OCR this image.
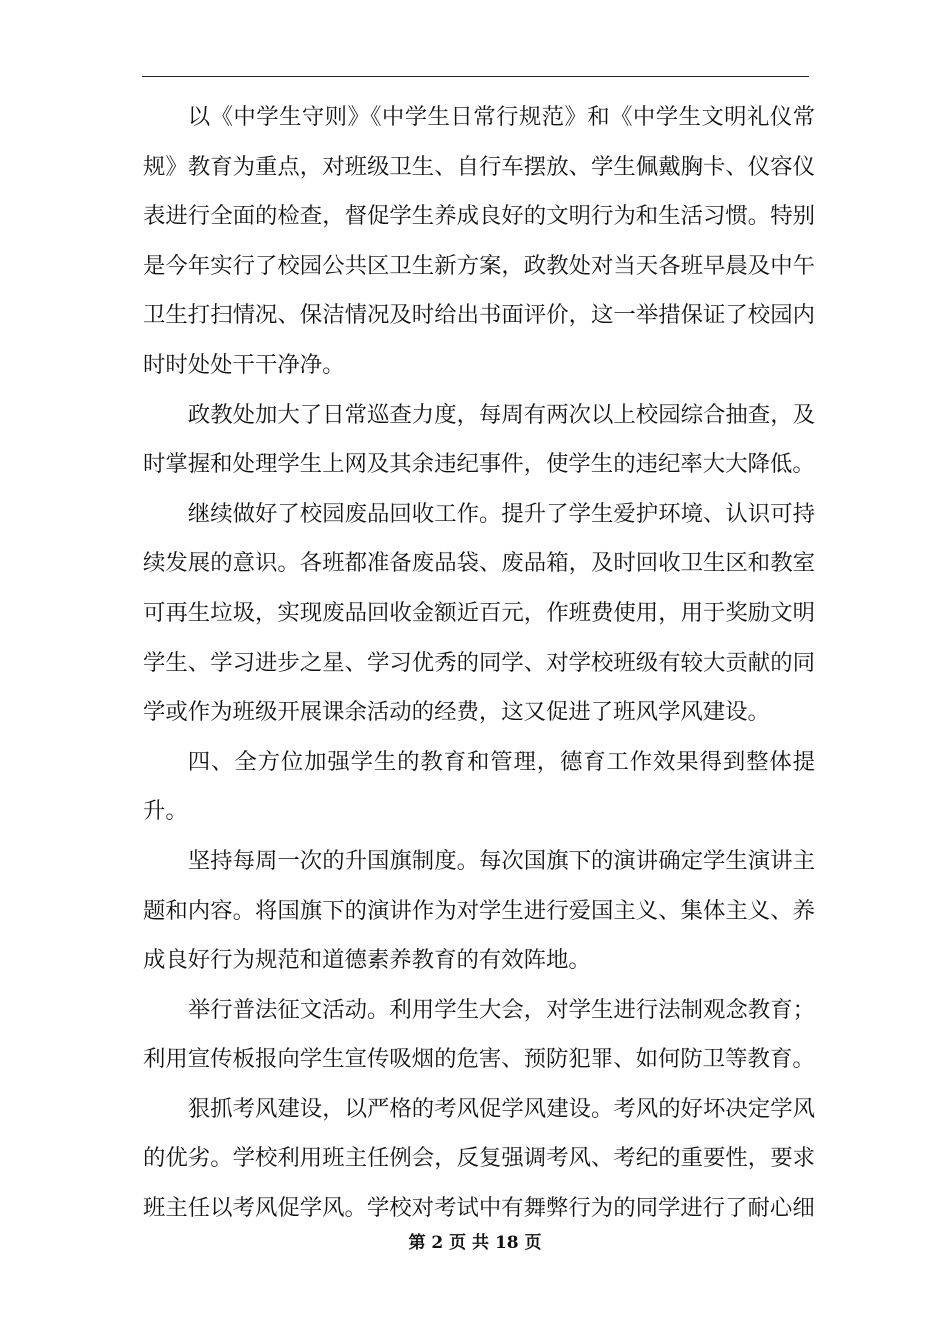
以《中学生守则》《中学生日常行规范》和《中学生文明礼仪常规》教育为重点，对班级卫生、自行车摆放、学生佩戴胸卡、仪容仪表进行全面的检查，督促学生养成良好的文明行为和生活习惯。特别是今年实行了校园公共区卫生新方案，政教处对当天各班早晨及中午卫生打扫情况、保洁情况及时给出书面评价，这一举措保证了校园内时时处处干干净净。

政教处加大了日常巡查力度，每周有两次以上校园综合抽查，及时掌握和处理学生上网及其余违纪事件，使学生的违纪率大大降低。

继续做好了校园废品回收工作。提升了学生爱护环境、认识可持续发展的意识。各班都准备废品袋、废品箱，及时回收卫生区和教室可再生垃圾，实现废品回收金额近百元，作班费使用，用于奖励文明学生、学习进步之星、学习优秀的同学、对学校班级有较大贡献的同学或作为班级开展课余活动的经费，这又促进了班风学风建设。

四、全方位加强学生的教育和管理，德育工作效果得到整体提升。

坚持每周一次的升国旗制度。每次国旗下的演讲确定学生演讲主题和内容。将国旗下的演讲作为对学生进行爱国主义、集体主义、养成良好行为规范和道德素养教育的有效阵地。

举行普法征文活动。利用学生大会，对学生进行法制观念教育；利用宣传板报向学生宣传吸烟的危害、预防犯罪、如何防卫等教育。

狠抓考风建设，以严格的考风促学风建设。考风的好坏决定学风的优劣。学校利用班主任例会，反复强调考风、考纪的重要性，要求班主任以考风促学风。学校对考试中有舞弊行为的同学进行了耐心细

第 2 页 共 18 页
